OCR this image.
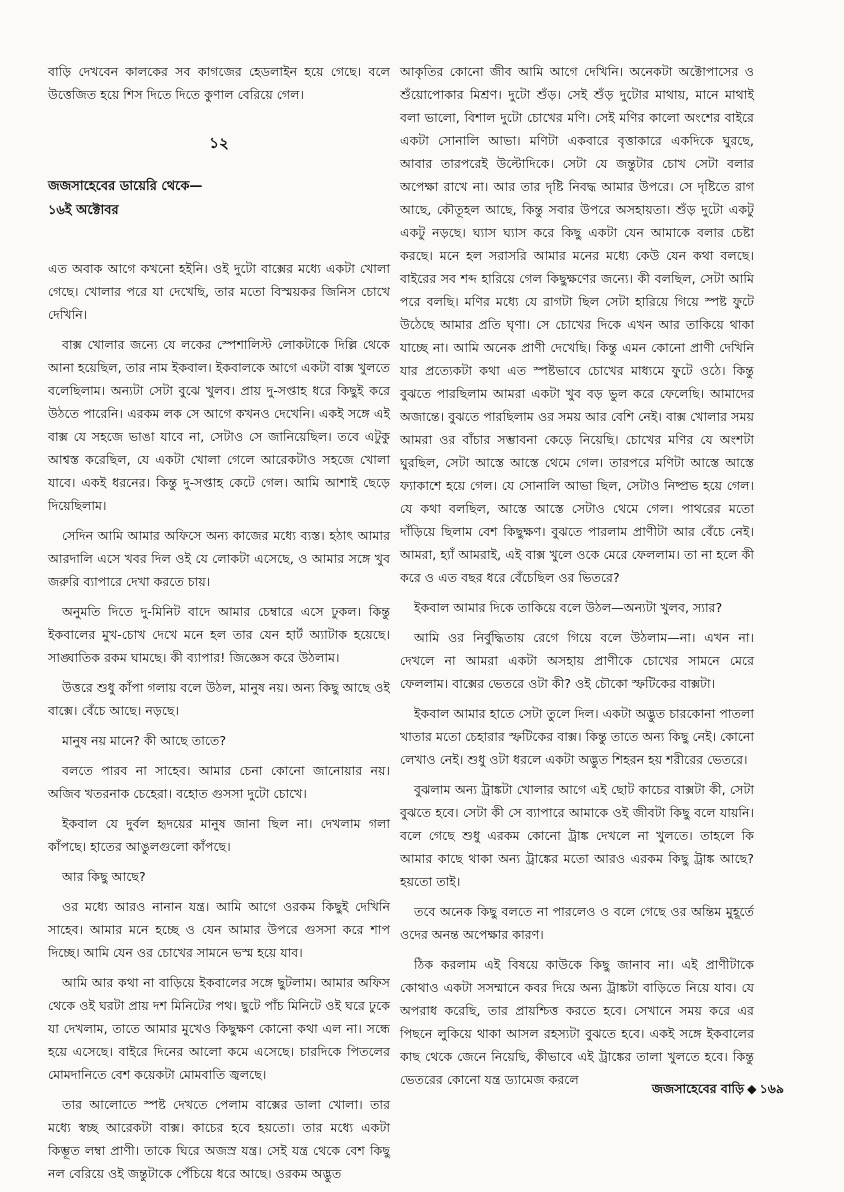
বাড়ি দেখবেন কালকের সব কাগজের হেডলাইন হয়ে গেছে। বলে উত্তেজিত হয়ে শিস দিতে দিতে কুণাল বেরিয়ে গেল।

১২
জজসাহেবের ডায়েরি থেকে—
১৬ই অক্টোবর

এত অবাক আগে কখনো হইনি। ওই দুটো বাক্সের মধ্যে একটা খোলা গেছে। খোলার পরে যা দেখেছি, তার মতো বিস্ময়কর জিনিস চোখে দেখিনি।

বাক্স খোলার জন্যে যে লকের স্পেশালিস্ট লোকটাকে দিল্লি থেকে আনা হয়েছিল, তার নাম ইকবাল। ইকবালকে আগে একটা বাক্স খুলতে বলেছিলাম। অন্যটা সেটা বুঝে খুলব। প্রায় দু-সপ্তাহ ধরে কিছুই করে উঠতে পারেনি। এরকম লক সে আগে কখনও দেখেনি। একই সঙ্গে এই বাক্স যে সহজে ভাঙা যাবে না, সেটাও সে জানিয়েছিল। তবে এটুকু আশ্বস্ত করেছিল, যে একটা খোলা গেলে আরেকটাও সহজে খোলা যাবে। একই ধরনের। কিন্তু দু-সপ্তাহ কেটে গেল। আমি আশাই ছেড়ে দিয়েছিলাম।

সেদিন আমি আমার অফিসে অন্য কাজের মধ্যে ব্যস্ত। হঠাৎ আমার আরদালি এসে খবর দিল ওই যে লোকটা এসেছে, ও আমার সঙ্গে খুব জরুরি ব্যাপারে দেখা করতে চায়।

অনুমতি দিতে দু-মিনিট বাদে আমার চেম্বারে এসে ঢুকল। কিন্তু ইকবালের মুখ-চোখ দেখে মনে হল তার যেন হার্ট অ্যাটাক হয়েছে। সাঙ্ঘাতিক রকম ঘামছে। কী ব্যাপার! জিজ্ঞেস করে উঠলাম।

উত্তরে শুধু কাঁপা গলায় বলে উঠল, মানুষ নয়। অন্য কিছু আছে ওই বাক্সে। বেঁচে আছে। নড়ছে।

মানুষ নয় মানে? কী আছে তাতে?

বলতে পারব না সাহেব। আমার চেনা কোনো জানোয়ার নয়। অজিব খতরনাক চেহেরা। বহোত গুসসা দুটো চোখে।

ইকবাল যে দুর্বল হৃদয়ের মানুষ জানা ছিল না। দেখলাম গলা কাঁপছে। হাতের আঙুলগুলো কাঁপছে।

আর কিছু আছে?

ওর মধ্যে আরও নানান যন্ত্র। আমি আগে ওরকম কিছুই দেখিনি সাহেব। আমার মনে হচ্ছে ও যেন আমার উপরে গুসসা করে শাপ দিচ্ছে। আমি যেন ওর চোখের সামনে ভস্ম হয়ে যাব।

আমি আর কথা না বাড়িয়ে ইকবালের সঙ্গে ছুটলাম। আমার অফিস থেকে ওই ঘরটা প্রায় দশ মিনিটের পথ। ছুটে পাঁচ মিনিটে ওই ঘরে ঢুকে যা দেখলাম, তাতে আমার মুখেও কিছুক্ষণ কোনো কথা এল না। সন্ধে হয়ে এসেছে। বাইরে দিনের আলো কমে এসেছে। চারদিকে পিতলের মোমদানিতে বেশ কয়েকটা মোমবাতি জ্বলছে।

তার আলোতে স্পষ্ট দেখতে পেলাম বাক্সের ডালা খোলা। তার মধ্যে স্বচ্ছ আরেকটা বাক্স। কাচের হবে হয়তো। তার মধ্যে একটা কিম্ভূত লম্বা প্রাণী। তাকে ঘিরে অজস্র যন্ত্র। সেই যন্ত্র থেকে বেশ কিছু নল বেরিয়ে ওই জন্তুটাকে পেঁচিয়ে ধরে আছে। ওরকম অদ্ভুত

আকৃতির কোনো জীব আমি আগে দেখিনি। অনেকটা অক্টোপাসের ও শুঁয়োপোকার মিশ্রণ। দুটো শুঁড়। সেই শুঁড় দুটোর মাথায়, মানে মাথাই বলা ভালো, বিশাল দুটো চোখের মণি। সেই মণির কালো অংশের বাইরে একটা সোনালি আভা। মণিটা একবারে বৃত্তাকারে একদিকে ঘুরছে, আবার তারপরেই উল্টোদিকে। সেটা যে জন্তুটার চোখ সেটা বলার অপেক্ষা রাখে না। আর তার দৃষ্টি নিবদ্ধ আমার উপরে। সে দৃষ্টিতে রাগ আছে, কৌতূহল আছে, কিন্তু সবার উপরে অসহায়তা। শুঁড় দুটো একটু একটু নড়ছে। ঘ্যাস ঘ্যাস করে কিছু একটা যেন আমাকে বলার চেষ্টা করছে। মনে হল সরাসরি আমার মনের মধ্যে কেউ যেন কথা বলছে। বাইরের সব শব্দ হারিয়ে গেল কিছুক্ষণের জন্যে। কী বলছিল, সেটা আমি পরে বলছি। মণির মধ্যে যে রাগটা ছিল সেটা হারিয়ে গিয়ে স্পষ্ট ফুটে উঠেছে আমার প্রতি ঘৃণা। সে চোখের দিকে এখন আর তাকিয়ে থাকা যাচ্ছে না। আমি অনেক প্রাণী দেখেছি। কিন্তু এমন কোনো প্রাণী দেখিনি যার প্রত্যেকটা কথা এত স্পষ্টভাবে চোখের মাধ্যমে ফুটে ওঠে। কিন্তু বুঝতে পারছিলাম আমরা একটা খুব বড় ভুল করে ফেলেছি। আমাদের অজান্তে। বুঝতে পারছিলাম ওর সময় আর বেশি নেই। বাক্স খোলার সময় আমরা ওর বাঁচার সম্ভাবনা কেড়ে নিয়েছি। চোখের মণির যে অংশটা ঘুরছিল, সেটা আস্তে আস্তে থেমে গেল। তারপরে মণিটা আস্তে আস্তে ফ্যাকাশে হয়ে গেল। যে সোনালি আভা ছিল, সেটাও নিষ্প্রভ হয়ে গেল। যে কথা বলছিল, আস্তে আস্তে সেটাও থেমে গেল। পাথরের মতো দাঁড়িয়ে ছিলাম বেশ কিছুক্ষণ। বুঝতে পারলাম প্রাণীটা আর বেঁচে নেই। আমরা, হ্যাঁ আমরাই, এই বাক্স খুলে ওকে মেরে ফেললাম। তা না হলে কী করে ও এত বছর ধরে বেঁচেছিল ওর ভিতরে?

ইকবাল আমার দিকে তাকিয়ে বলে উঠল—অন্যটা খুলব, স্যার?

আমি ওর নির্বুদ্ধিতায় রেগে গিয়ে বলে উঠলাম—না। এখন না। দেখলে না আমরা একটা অসহায় প্রাণীকে চোখের সামনে মেরে ফেললাম। বাক্সের ভেতরে ওটা কী? ওই চৌকো স্ফটিকের বাক্সটা।

ইকবাল আমার হাতে সেটা তুলে দিল। একটা অদ্ভুত চারকোনা পাতলা খাতার মতো চেহারার স্ফটিকের বাক্স। কিন্তু তাতে অন্য কিছু নেই। কোনো লেখাও নেই। শুধু ওটা ধরলে একটা অদ্ভুত শিহরন হয় শরীরের ভেতরে।

বুঝলাম অন্য ট্রাঙ্কটা খোলার আগে এই ছোট কাচের বাক্সটা কী, সেটা বুঝতে হবে। সেটা কী সে ব্যাপারে আমাকে ওই জীবটা কিছু বলে যায়নি। বলে গেছে শুধু এরকম কোনো ট্রাঙ্ক দেখলে না খুলতে। তাহলে কি আমার কাছে থাকা অন্য ট্রাঙ্কের মতো আরও এরকম কিছু ট্রাঙ্ক আছে? হয়তো তাই।

তবে অনেক কিছু বলতে না পারলেও ও বলে গেছে ওর অন্তিম মুহূর্তে ওদের অনন্ত অপেক্ষার কারণ।

ঠিক করলাম এই বিষয়ে কাউকে কিছু জানাব না। এই প্রাণীটাকে কোথাও একটা সসম্মানে কবর দিয়ে অন্য ট্রাঙ্কটা বাড়িতে নিয়ে যাব। যে অপরাধ করেছি, তার প্রায়শ্চিত্ত করতে হবে। সেখানে সময় করে এর পিছনে লুকিয়ে থাকা আসল রহস্যটা বুঝতে হবে। একই সঙ্গে ইকবালের কাছ থেকে জেনে নিয়েছি, কীভাবে এই ট্রাঙ্কের তালা খুলতে হবে। কিন্তু ভেতরের কোনো যন্ত্র ড্যামেজ করলে

জজসাহেবের বাড়ি ◆ ১৬৯
